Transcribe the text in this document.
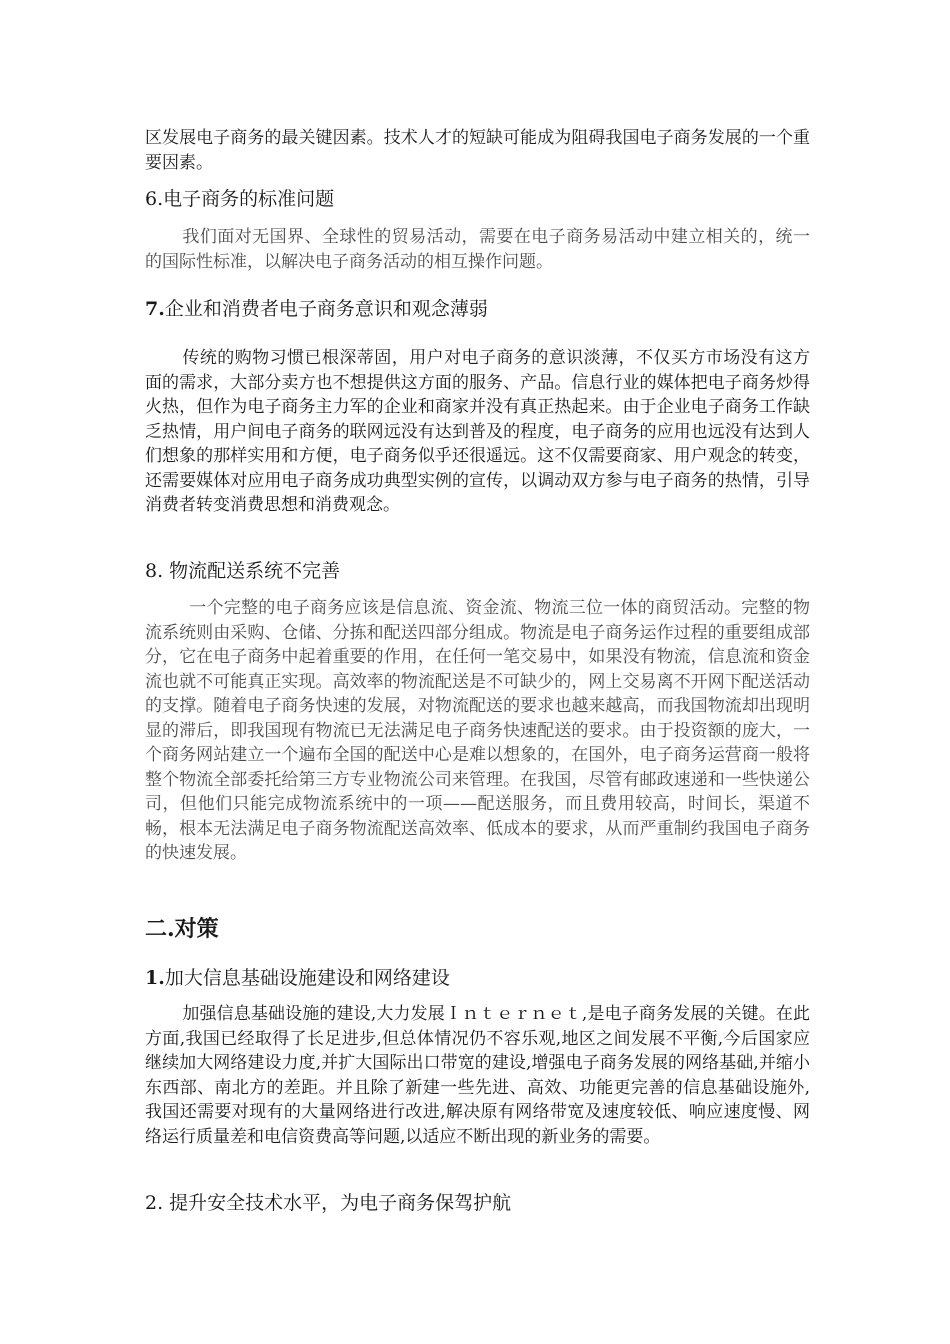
区发展电子商务的最关键因素。技术人才的短缺可能成为阻碍我国电子商务发展的一个重要因素。

6.电子商务的标准问题

我们面对无国界、全球性的贸易活动，需要在电子商务易活动中建立相关的，统一的国际性标准，以解决电子商务活动的相互操作问题。

7.企业和消费者电子商务意识和观念薄弱

传统的购物习惯已根深蒂固，用户对电子商务的意识淡薄，不仅买方市场没有这方面的需求，大部分卖方也不想提供这方面的服务、产品。信息行业的媒体把电子商务炒得火热，但作为电子商务主力军的企业和商家并没有真正热起来。由于企业电子商务工作缺乏热情，用户间电子商务的联网远没有达到普及的程度，电子商务的应用也远没有达到人们想象的那样实用和方便，电子商务似乎还很遥远。这不仅需要商家、用户观念的转变，还需要媒体对应用电子商务成功典型实例的宣传，以调动双方参与电子商务的热情，引导消费者转变消费思想和消费观念。

8. 物流配送系统不完善

一个完整的电子商务应该是信息流、资金流、物流三位一体的商贸活动。完整的物流系统则由采购、仓储、分拣和配送四部分组成。物流是电子商务运作过程的重要组成部分，它在电子商务中起着重要的作用，在任何一笔交易中，如果没有物流，信息流和资金流也就不可能真正实现。高效率的物流配送是不可缺少的，网上交易离不开网下配送活动的支撑。随着电子商务快速的发展，对物流配送的要求也越来越高，而我国物流却出现明显的滞后，即我国现有物流已无法满足电子商务快速配送的要求。由于投资额的庞大，一个商务网站建立一个遍布全国的配送中心是难以想象的，在国外，电子商务运营商一般将整个物流全部委托给第三方专业物流公司来管理。在我国，尽管有邮政速递和一些快递公司，但他们只能完成物流系统中的一项——配送服务，而且费用较高，时间长，渠道不畅，根本无法满足电子商务物流配送高效率、低成本的要求，从而严重制约我国电子商务的快速发展。

二.对策
1.加大信息基础设施建设和网络建设

加强信息基础设施的建设,大力发展Ｉｎｔｅｒｎｅｔ,是电子商务发展的关键。在此方面,我国已经取得了长足进步,但总体情况仍不容乐观,地区之间发展不平衡,今后国家应继续加大网络建设力度,并扩大国际出口带宽的建设,增强电子商务发展的网络基础,并缩小东西部、南北方的差距。并且除了新建一些先进、高效、功能更完善的信息基础设施外,我国还需要对现有的大量网络进行改进,解决原有网络带宽及速度较低、响应速度慢、网络运行质量差和电信资费高等问题,以适应不断出现的新业务的需要。

2. 提升安全技术水平，为电子商务保驾护航
